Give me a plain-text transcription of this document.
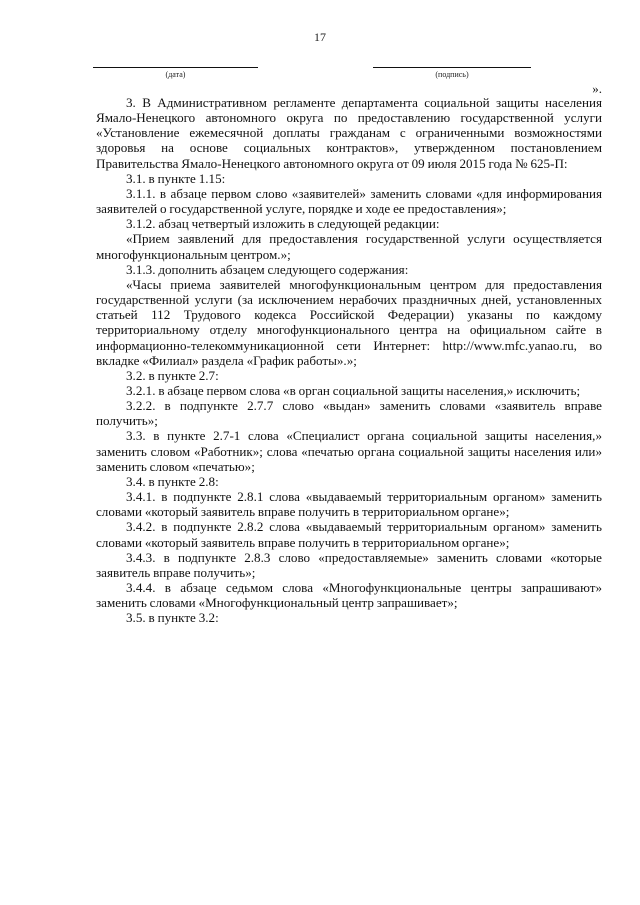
17
(дата)	(подпись)
».

3. В Административном регламенте департамента социальной защиты населения Ямало-Ненецкого автономного округа по предоставлению государственной услуги «Установление ежемесячной доплаты гражданам с ограниченными возможностями здоровья на основе социальных контрактов», утвержденном постановлением Правительства Ямало-Ненецкого автономного округа от 09 июля 2015 года № 625-П:

3.1. в пункте 1.15:

3.1.1. в абзаце первом слово «заявителей» заменить словами «для информирования заявителей о государственной услуге, порядке и ходе ее предоставления»;

3.1.2. абзац четвертый изложить в следующей редакции:

«Прием заявлений для предоставления государственной услуги осуществляется многофункциональным центром.»;

3.1.3. дополнить абзацем следующего содержания:

«Часы приема заявителей многофункциональным центром для предоставления государственной услуги (за исключением нерабочих праздничных дней, установленных статьей 112 Трудового кодекса Российской Федерации) указаны по каждому территориальному отделу многофункционального центра на официальном сайте в информационно-телекоммуникационной сети Интернет: http://www.mfc.yanao.ru, во вкладке «Филиал» раздела «График работы».»;

3.2. в пункте 2.7:

3.2.1. в абзаце первом слова «в орган социальной защиты населения,» исключить;

3.2.2. в подпункте 2.7.7 слово «выдан» заменить словами «заявитель вправе получить»;

3.3. в пункте 2.7-1 слова «Специалист органа социальной защиты населения,» заменить словом «Работник»; слова «печатью органа социальной защиты населения или» заменить словом «печатью»;

3.4. в пункте 2.8:

3.4.1. в подпункте 2.8.1 слова «выдаваемый территориальным органом» заменить словами «который заявитель вправе получить в территориальном органе»;

3.4.2. в подпункте 2.8.2 слова «выдаваемый территориальным органом» заменить словами «который заявитель вправе получить в территориальном органе»;

3.4.3. в подпункте 2.8.3 слово «предоставляемые» заменить словами «которые заявитель вправе получить»;

3.4.4. в абзаце седьмом слова «Многофункциональные центры запрашивают» заменить словами «Многофункциональный центр запрашивает»;

3.5. в пункте 3.2:
